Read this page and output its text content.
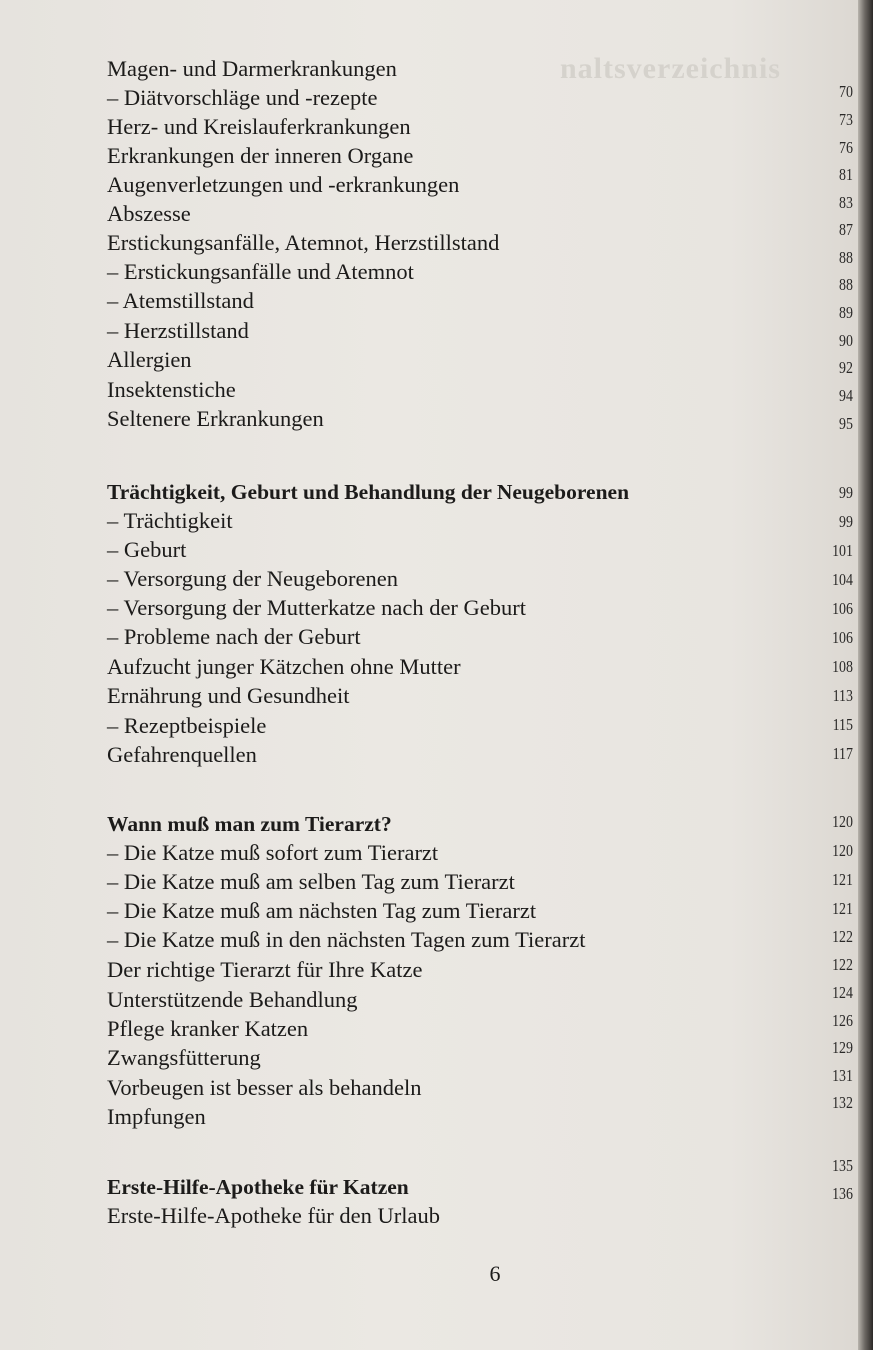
naltsverzeichnis
Magen- und Darmerkrankungen
– Diätvorschläge und -rezepte
Herz- und Kreislauferkrankungen
Erkrankungen der inneren Organe
Augenverletzungen und -erkrankungen
Abszesse
Erstickungsanfälle, Atemnot, Herzstillstand
– Erstickungsanfälle und Atemnot
– Atemstillstand
– Herzstillstand
Allergien
Insektenstiche
Seltenere Erkrankungen
Trächtigkeit, Geburt und Behandlung der Neugeborenen
– Trächtigkeit
– Geburt
– Versorgung der Neugeborenen
– Versorgung der Mutterkatze nach der Geburt
– Probleme nach der Geburt
Aufzucht junger Kätzchen ohne Mutter
Ernährung und Gesundheit
– Rezeptbeispiele
Gefahrenquellen
Wann muß man zum Tierarzt?
– Die Katze muß sofort zum Tierarzt
– Die Katze muß am selben Tag zum Tierarzt
– Die Katze muß am nächsten Tag zum Tierarzt
– Die Katze muß in den nächsten Tagen zum Tierarzt
Der richtige Tierarzt für Ihre Katze
Unterstützende Behandlung
Pflege kranker Katzen
Zwangsfütterung
Vorbeugen ist besser als behandeln
Impfungen
Erste-Hilfe-Apotheke für Katzen
Erste-Hilfe-Apotheke für den Urlaub
70
73
76
81
83
87
88
88
89
90
92
94
95
99
99
101
104
106
106
108
113
115
117
120
120
121
121
122
122
124
126
129
131
132
135
136
6
